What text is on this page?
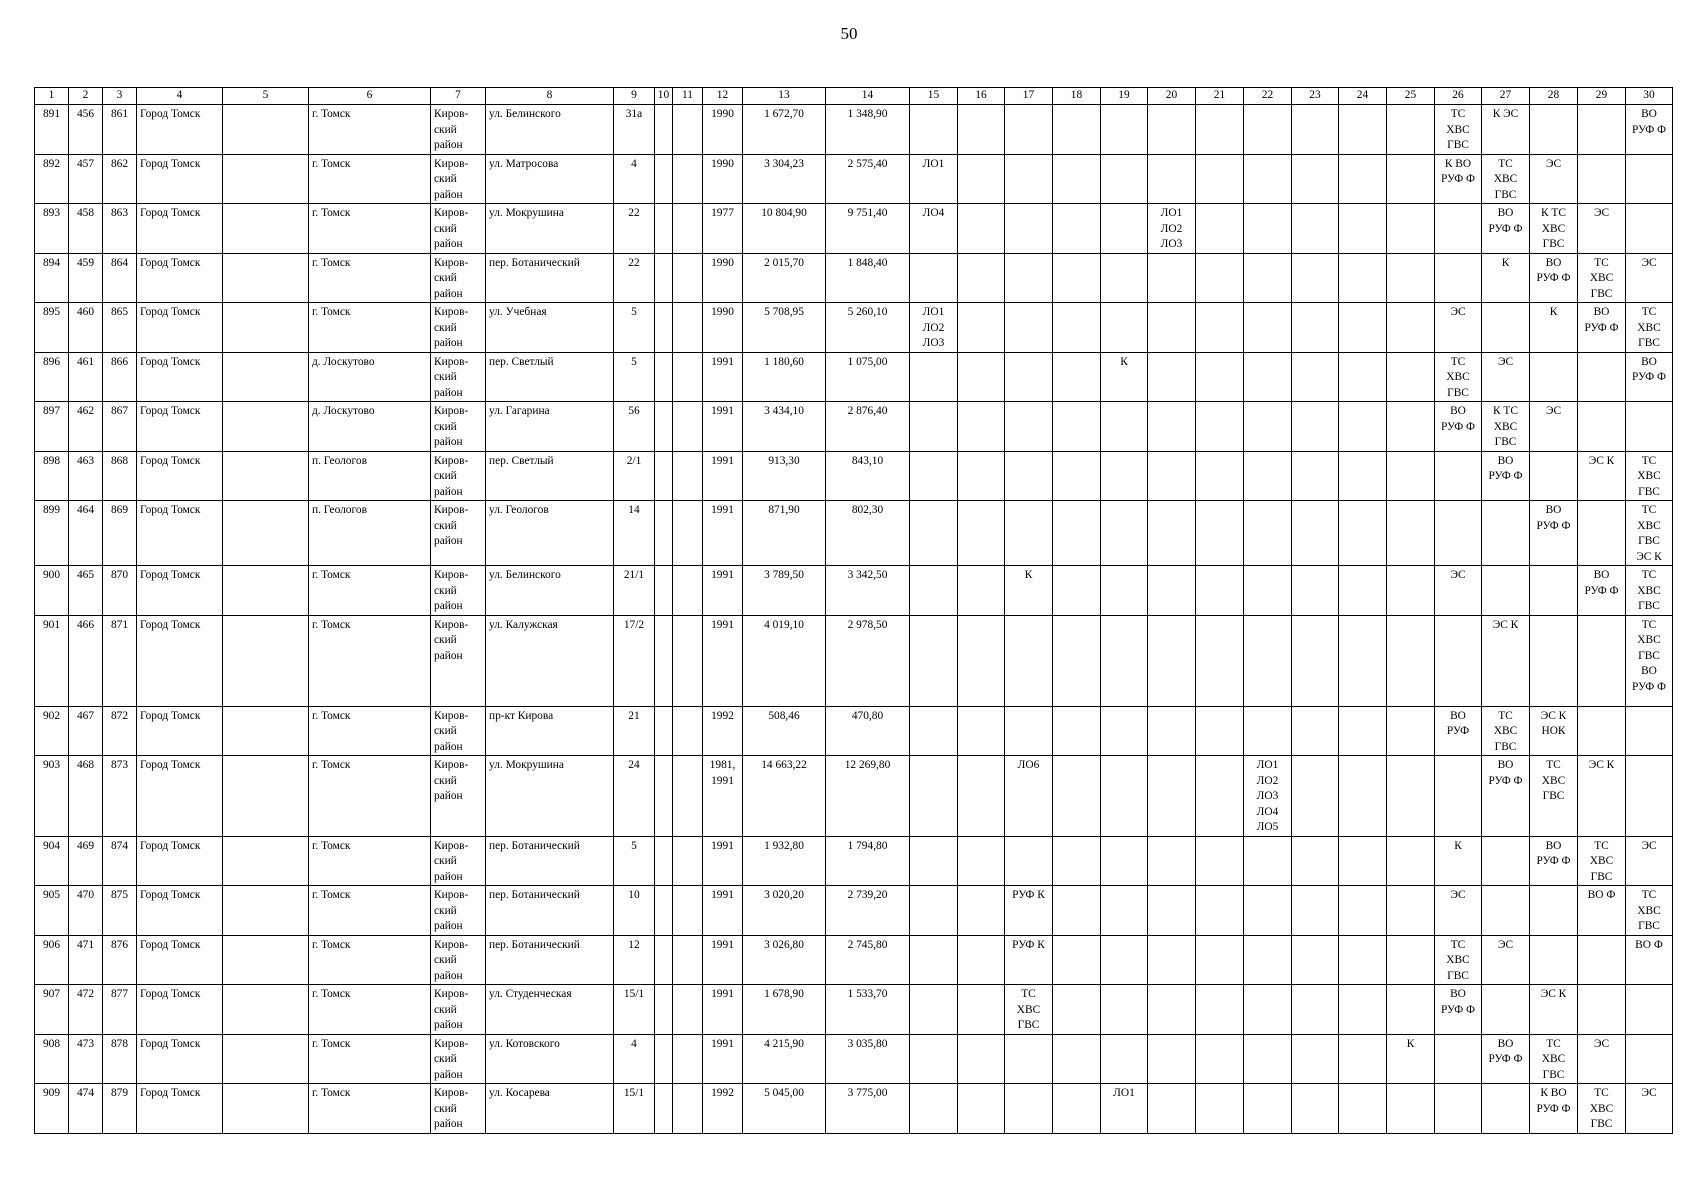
50
1	2	3	4	5	6	7	8	9	10	11	12	13	14	15	16	17	18	19	20	21	22	23	24	25	26	27	28	29	30
891	456	861	Город Томск		г. Томск	Киров-
ский
район	ул. Белинского	31а			1990	1 672,70	1 348,90												ТС
ХВС
ГВС	К ЭС			ВО
РУФ Ф
892	457	862	Город Томск		г. Томск	Киров-
ский
район	ул. Матросова	4			1990	3 304,23	2 575,40	ЛО1											К ВО
РУФ Ф	ТС
ХВС
ГВС	ЭС		
893	458	863	Город Томск		г. Томск	Киров-
ский
район	ул. Мокрушина	22			1977	10 804,90	9 751,40	ЛО4					ЛО1
ЛО2
ЛО3							ВО
РУФ Ф	К ТС
ХВС
ГВС	ЭС	
894	459	864	Город Томск		г. Томск	Киров-
ский
район	пер. Ботанический	22			1990	2 015,70	1 848,40													К	ВО
РУФ Ф	ТС
ХВС
ГВС	ЭС
895	460	865	Город Томск		г. Томск	Киров-
ский
район	ул. Учебная	5			1990	5 708,95	5 260,10	ЛО1
ЛО2
ЛО3											ЭС		К	ВО
РУФ Ф	ТС
ХВС
ГВС
896	461	866	Город Томск		д. Лоскутово	Киров-
ский
район	пер. Светлый	5			1991	1 180,60	1 075,00					К							ТС
ХВС
ГВС	ЭС			ВО
РУФ Ф
897	462	867	Город Томск		д. Лоскутово	Киров-
ский
район	ул. Гагарина	56			1991	3 434,10	2 876,40												ВО
РУФ Ф	К ТС
ХВС
ГВС	ЭС		
898	463	868	Город Томск		п. Геологов	Киров-
ский
район	пер. Светлый	2/1			1991	913,30	843,10													ВО
РУФ Ф		ЭС К	ТС
ХВС
ГВС
899	464	869	Город Томск		п. Геологов	Киров-
ский
район	ул. Геологов	14			1991	871,90	802,30														ВО
РУФ Ф		ТС
ХВС
ГВС
ЭС К
900	465	870	Город Томск		г. Томск	Киров-
ский
район	ул. Белинского	21/1			1991	3 789,50	3 342,50			К									ЭС			ВО
РУФ Ф	ТС
ХВС
ГВС
901	466	871	Город Томск		г. Томск	Киров-
ский
район	ул. Калужская	17/2			1991	4 019,10	2 978,50													ЭС К			ТС
ХВС
ГВС
ВО
РУФ Ф
902	467	872	Город Томск		г. Томск	Киров-
ский
район	пр-кт Кирова	21			1992	508,46	470,80												ВО
РУФ	ТС
ХВС
ГВС	ЭС К
НОК		
903	468	873	Город Томск		г. Томск	Киров-
ский
район	ул. Мокрушина	24			1981,
1991	14 663,22	12 269,80			ЛО6					ЛО1
ЛО2
ЛО3
ЛО4
ЛО5					ВО
РУФ Ф	ТС
ХВС
ГВС	ЭС К	
904	469	874	Город Томск		г. Томск	Киров-
ский
район	пер. Ботанический	5			1991	1 932,80	1 794,80												К		ВО
РУФ Ф	ТС
ХВС
ГВС	ЭС
905	470	875	Город Томск		г. Томск	Киров-
ский
район	пер. Ботанический	10			1991	3 020,20	2 739,20			РУФ К									ЭС			ВО Ф	ТС
ХВС
ГВС
906	471	876	Город Томск		г. Томск	Киров-
ский
район	пер. Ботанический	12			1991	3 026,80	2 745,80			РУФ К									ТС
ХВС
ГВС	ЭС			ВО Ф
907	472	877	Город Томск		г. Томск	Киров-
ский
район	ул. Студенческая	15/1			1991	1 678,90	1 533,70			ТС
ХВС
ГВС									ВО
РУФ Ф		ЭС К		
908	473	878	Город Томск		г. Томск	Киров-
ский
район	ул. Котовского	4			1991	4 215,90	3 035,80											К		ВО
РУФ Ф	ТС
ХВС
ГВС	ЭС	
909	474	879	Город Томск		г. Томск	Киров-
ский
район	ул. Косарева	15/1			1992	5 045,00	3 775,00					ЛО1									К ВО
РУФ Ф	ТС
ХВС
ГВС	ЭС
